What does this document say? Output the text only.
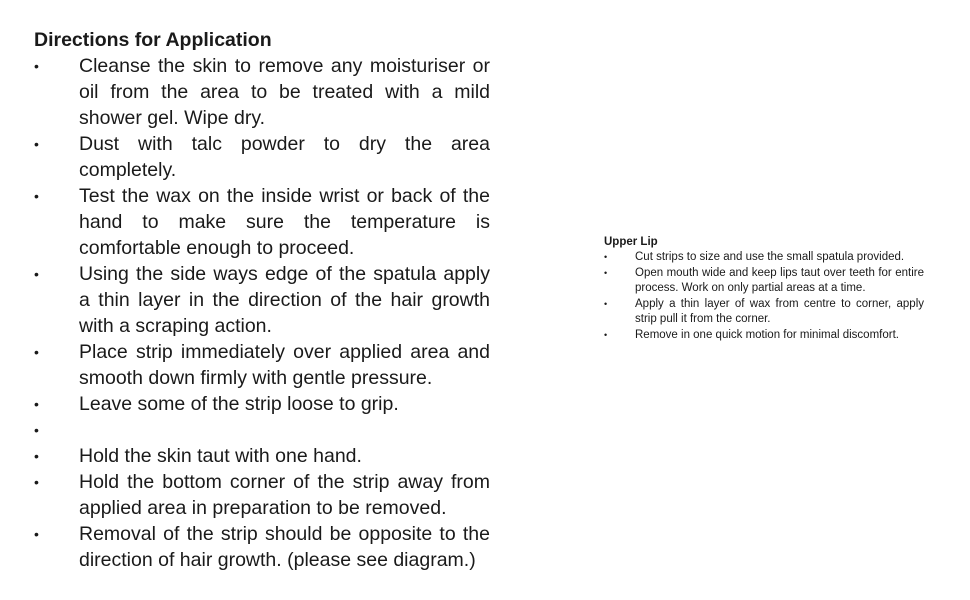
Directions for Application
• Cleanse the skin to remove any moisturiser or oil from the area to be treated with a mild shower gel. Wipe dry.
• Dust with talc powder to dry the area completely.
• Test the wax on the inside wrist or back of the hand to make sure the temperature is comfortable enough to proceed.
• Using the side ways edge of the spatula apply a thin layer in the direction of the hair growth with a scraping action.
• Place strip immediately over applied area and smooth down firmly with gentle pressure.
• Leave some of the strip loose to grip.
•
• Hold the skin taut with one hand.
• Hold the bottom corner of the strip away from applied area in preparation to be removed.
• Removal of the strip should be opposite to the direction of hair growth. (please see diagram.)
Upper Lip
• Cut strips to size and use the small spatula provided.
• Open mouth wide and keep lips taut over teeth for entire process. Work on only partial areas at a time.
• Apply a thin layer of wax from centre to corner, apply strip pull it from the corner.
• Remove in one quick motion for minimal discomfort.
